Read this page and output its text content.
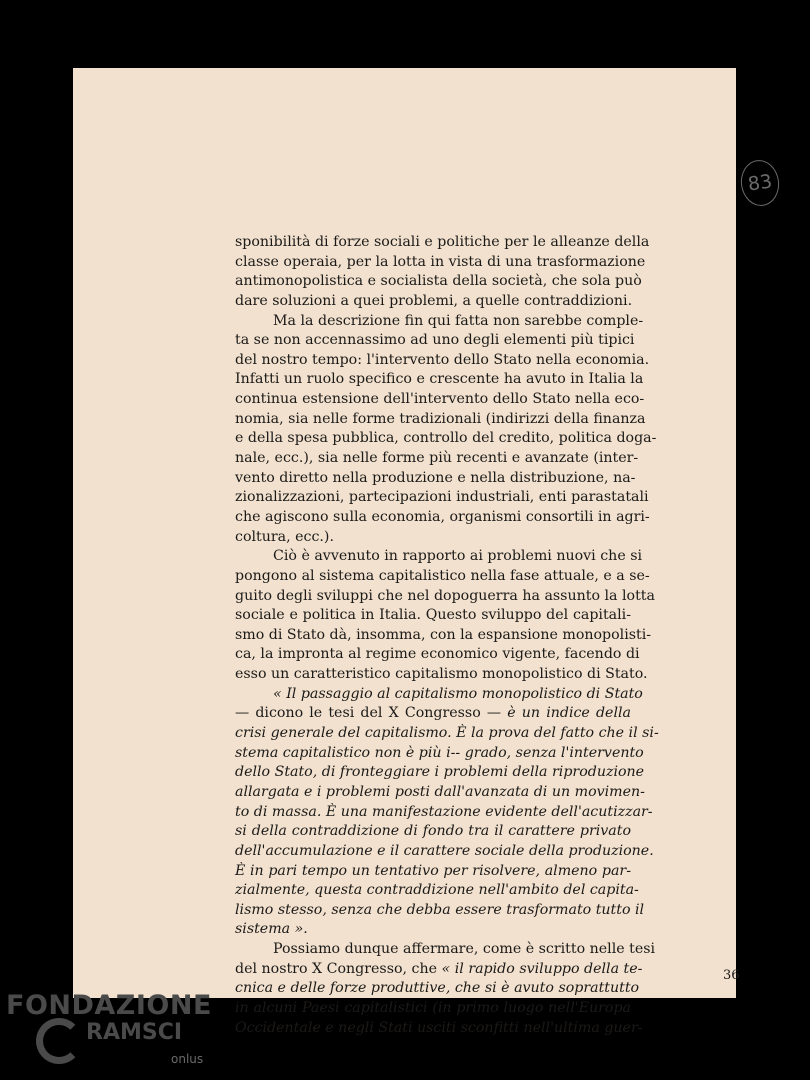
83
sponibilità di forze sociali e politiche per le alleanze della
classe operaia, per la lotta in vista di una trasformazione
antimonopolistica e socialista della società, che sola può
dare soluzioni a quei problemi, a quelle contraddizioni.
Ma la descrizione fin qui fatta non sarebbe comple-
ta se non accennassimo ad uno degli elementi più tipici
del nostro tempo: l'intervento dello Stato nella economia.
Infatti un ruolo specifico e crescente ha avuto in Italia la
continua estensione dell'intervento dello Stato nella eco-
nomia, sia nelle forme tradizionali (indirizzi della finanza
e della spesa pubblica, controllo del credito, politica doga-
nale, ecc.), sia nelle forme più recenti e avanzate (inter-
vento diretto nella produzione e nella distribuzione, na-
zionalizzazioni, partecipazioni industriali, enti parastatali
che agiscono sulla economia, organismi consortili in agri-
coltura, ecc.).
Ciò è avvenuto in rapporto ai problemi nuovi che si
pongono al sistema capitalistico nella fase attuale, e a se-
guito degli sviluppi che nel dopoguerra ha assunto la lotta
sociale e politica in Italia. Questo sviluppo del capitali-
smo di Stato dà, insomma, con la espansione monopolisti-
ca, la impronta al regime economico vigente, facendo di
esso un caratteristico capitalismo monopolistico di Stato.
« Il passaggio al capitalismo monopolistico di Stato
— dicono le tesi del X Congresso — è un indice della
crisi generale del capitalismo. È la prova del fatto che il si-
stema capitalistico non è più i-- grado, senza l'intervento
dello Stato, di fronteggiare i problemi della riproduzione
allargata e i problemi posti dall'avanzata di un movimen-
to di massa. È una manifestazione evidente dell'acutizzar-
si della contraddizione di fondo tra il carattere privato
dell'accumulazione e il carattere sociale della produzione.
È in pari tempo un tentativo per risolvere, almeno par-
zialmente, questa contraddizione nell'ambito del capita-
lismo stesso, senza che debba essere trasformato tutto il
sistema ».
Possiamo dunque affermare, come è scritto nelle tesi
del nostro X Congresso, che « il rapido sviluppo della te-
cnica e delle forze produttive, che si è avuto soprattutto
in alcuni Paesi capitalistici (in primo luogo nell'Europa
Occidentale e negli Stati usciti sconfitti nell'ultima guer-
36
FONDAZIONE
RAMSCI
onlus
